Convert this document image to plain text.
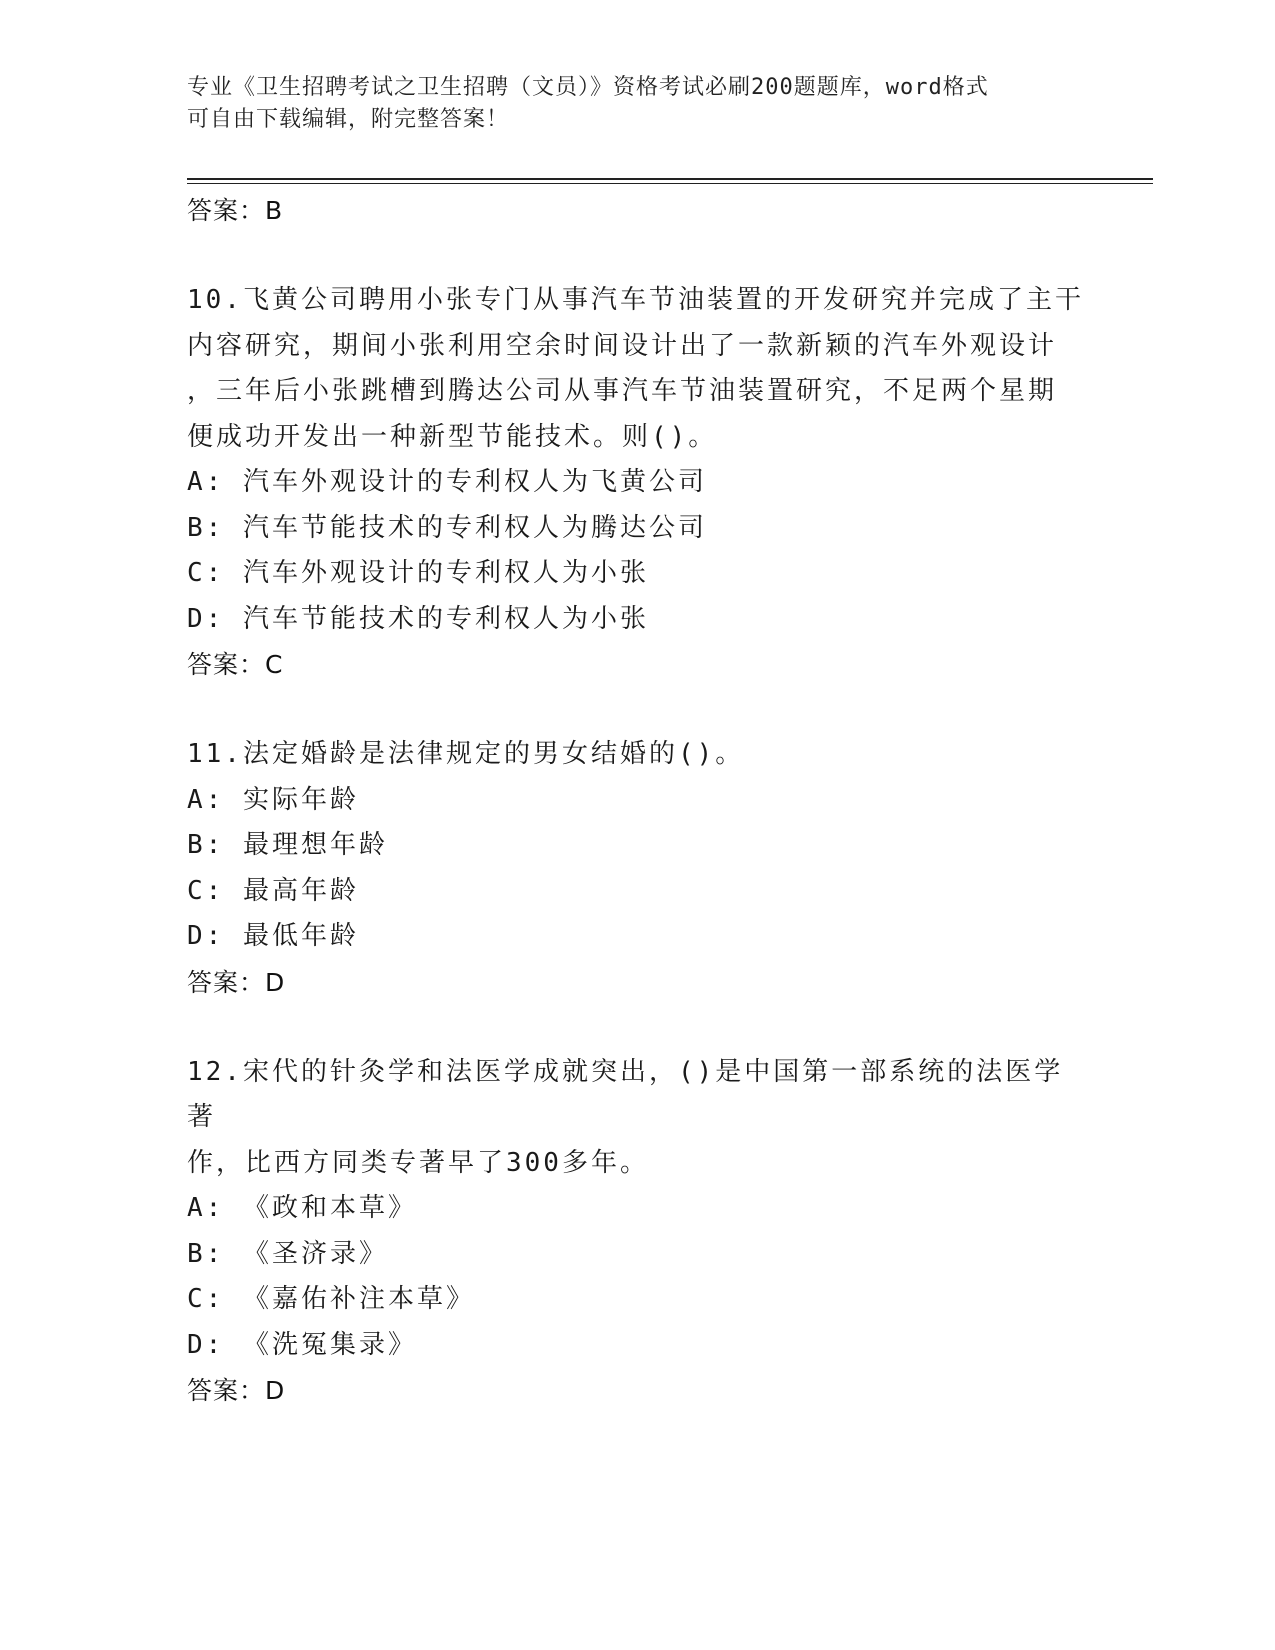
专业《卫生招聘考试之卫生招聘（文员）》资格考试必刷200题题库，word格式
可自由下载编辑，附完整答案！
答案：B
10.飞黄公司聘用小张专门从事汽车节油装置的开发研究并完成了主干
内容研究，期间小张利用空余时间设计出了一款新颖的汽车外观设计
，三年后小张跳槽到腾达公司从事汽车节油装置研究，不足两个星期
便成功开发出一种新型节能技术。则()。
A: 汽车外观设计的专利权人为飞黄公司
B: 汽车节能技术的专利权人为腾达公司
C: 汽车外观设计的专利权人为小张
D: 汽车节能技术的专利权人为小张
答案：C
11.法定婚龄是法律规定的男女结婚的()。
A: 实际年龄
B: 最理想年龄
C: 最高年龄
D: 最低年龄
答案：D
12.宋代的针灸学和法医学成就突出，()是中国第一部系统的法医学著
作，比西方同类专著早了300多年。
A: 《政和本草》
B: 《圣济录》
C: 《嘉佑补注本草》
D: 《洗冤集录》
答案：D
